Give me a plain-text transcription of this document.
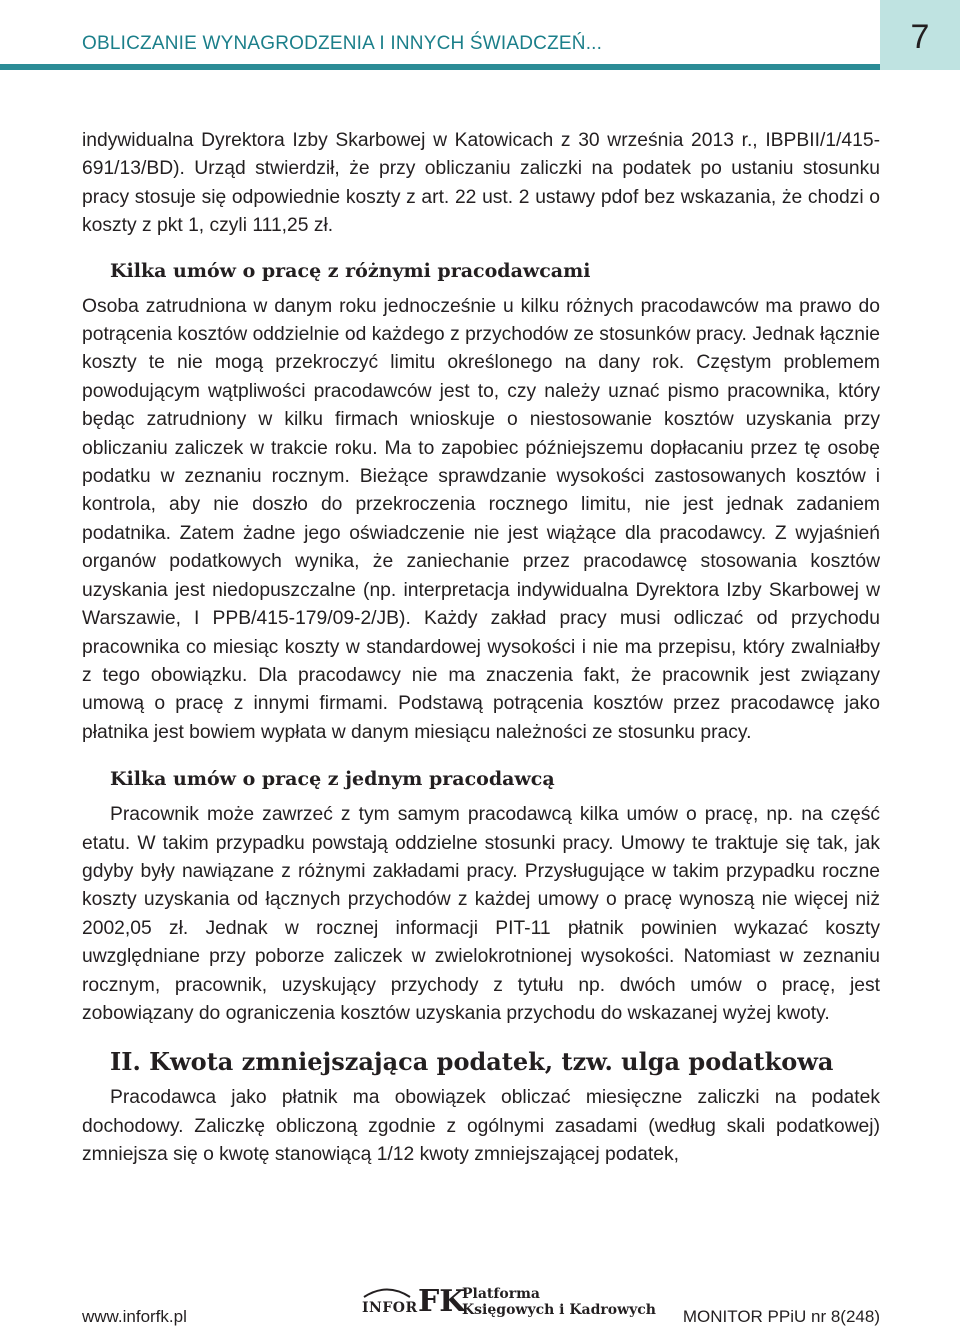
OBLICZANIE WYNAGRODZENIA I INNYCH ŚWIADCZEŃ...	7

indywidualna Dyrektora Izby Skarbowej w Katowicach z 30 września 2013 r., IBPBII/1/415-691/13/BD). Urząd stwierdził, że przy obliczaniu zaliczki na podatek po ustaniu stosunku pracy stosuje się odpowiednie koszty z art. 22 ust. 2 ustawy pdof bez wskazania, że chodzi o koszty z pkt 1, czyli 111,25 zł.

Kilka umów o pracę z różnymi pracodawcami

Osoba zatrudniona w danym roku jednocześnie u kilku różnych pracodawców ma prawo do potrącenia kosztów oddzielnie od każdego z przychodów ze stosunków pracy. Jednak łącznie koszty te nie mogą przekroczyć limitu określonego na dany rok. Częstym problemem powodującym wątpliwości pracodawców jest to, czy należy uznać pismo pracownika, który będąc zatrudniony w kilku firmach wnioskuje o niestosowanie kosztów uzyskania przy obliczaniu zaliczek w trakcie roku. Ma to zapobiec późniejszemu dopłacaniu przez tę osobę podatku w zeznaniu rocznym. Bieżące sprawdzanie wysokości zastosowanych kosztów i kontrola, aby nie doszło do przekroczenia rocznego limitu, nie jest jednak zadaniem podatnika. Zatem żadne jego oświadczenie nie jest wiążące dla pracodawcy. Z wyjaśnień organów podatkowych wynika, że zaniechanie przez pracodawcę stosowania kosztów uzyskania jest niedopuszczalne (np. interpretacja indywidualna Dyrektora Izby Skarbowej w Warszawie, I PPB/415-179/09-2/JB). Każdy zakład pracy musi odliczać od przychodu pracownika co miesiąc koszty w standardowej wysokości i nie ma przepisu, który zwalniałby z tego obowiązku. Dla pracodawcy nie ma znaczenia fakt, że pracownik jest związany umową o pracę z innymi firmami. Podstawą potrącenia kosztów przez pracodawcę jako płatnika jest bowiem wypłata w danym miesiącu należności ze stosunku pracy.

Kilka umów o pracę z jednym pracodawcą

Pracownik może zawrzeć z tym samym pracodawcą kilka umów o pracę, np. na część etatu. W takim przypadku powstają oddzielne stosunki pracy. Umowy te traktuje się tak, jak gdyby były nawiązane z różnymi zakładami pracy. Przysługujące w takim przypadku roczne koszty uzyskania od łącznych przychodów z każdej umowy o pracę wynoszą nie więcej niż 2002,05 zł. Jednak w rocznej informacji PIT-11 płatnik powinien wykazać koszty uwzględniane przy poborze zaliczek w zwielokrotnionej wysokości. Natomiast w zeznaniu rocznym, pracownik, uzyskujący przychody z tytułu np. dwóch umów o pracę, jest zobowiązany do ograniczenia kosztów uzyskania przychodu do wskazanej wyżej kwoty.

II. Kwota zmniejszająca podatek, tzw. ulga podatkowa

Pracodawca jako płatnik ma obowiązek obliczać miesięczne zaliczki na podatek dochodowy. Zaliczkę obliczoną zgodnie z ogólnymi zasadami (według skali podatkowej) zmniejsza się o kwotę stanowiącą 1/12 kwoty zmniejszającej podatek,

www.inforfk.pl	INFOR FK
Platforma
Księgowych i Kadrowych MONITOR PPiU nr 8(248)
